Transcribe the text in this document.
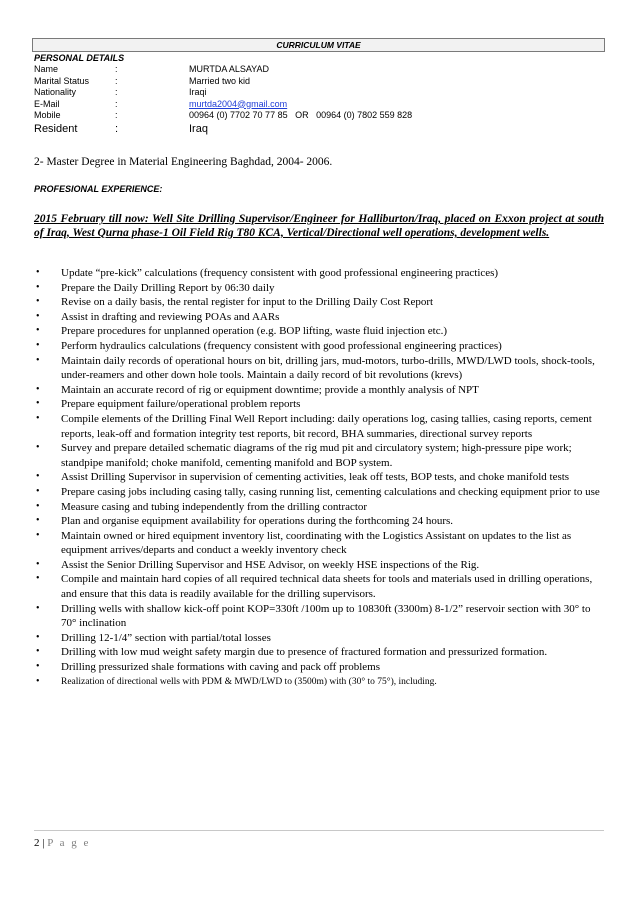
CURRICULUM VITAE
PERSONAL DETAILS
Name	:	MURTDA ALSAYAD
Marital Status	:	Married two kid
Nationality	:	Iraqi
E-Mail	:	murtda2004@gmail.com
Mobile	:	00964 (0) 7702 70 77 85   OR   00964 (0) 7802 559 828
Resident	:	Iraq
2- Master Degree in Material Engineering Baghdad, 2004- 2006.
PROFESIONAL EXPERIENCE:
2015 February till now: Well Site Drilling Supervisor/Engineer for Halliburton/Iraq, placed on Exxon project at south of Iraq, West Qurna phase-1 Oil Field Rig T80 KCA, Vertical/Directional well operations, development wells.
• Update “pre-kick” calculations (frequency consistent with good professional engineering practices)
• Prepare the Daily Drilling Report by 06:30 daily
• Revise on a daily basis, the rental register for input to the Drilling Daily Cost Report
• Assist in drafting and reviewing POAs and AARs
• Prepare procedures for unplanned operation (e.g. BOP lifting, waste fluid injection etc.)
• Perform hydraulics calculations (frequency consistent with good professional engineering practices)
• Maintain daily records of operational hours on bit, drilling jars, mud-motors, turbo-drills, MWD/LWD tools, shock-tools, under-reamers and other down hole tools. Maintain a daily record of bit revolutions (krevs)
• Maintain an accurate record of rig or equipment downtime; provide a monthly analysis of NPT
• Prepare equipment failure/operational problem reports
• Compile elements of the Drilling Final Well Report including: daily operations log, casing tallies, casing reports, cement reports, leak-off and formation integrity test reports, bit record, BHA summaries, directional survey reports
• Survey and prepare detailed schematic diagrams of the rig mud pit and circulatory system; high-pressure pipe work; standpipe manifold; choke manifold, cementing manifold and BOP system.
• Assist Drilling Supervisor in supervision of cementing activities, leak off tests, BOP tests, and choke manifold tests
• Prepare casing jobs including casing tally, casing running list, cementing calculations and checking equipment prior to use
• Measure casing and tubing independently from the drilling contractor
• Plan and organise equipment availability for operations during the forthcoming 24 hours.
• Maintain owned or hired equipment inventory list, coordinating with the Logistics Assistant on updates to the list as equipment arrives/departs and conduct a weekly inventory check
• Assist the Senior Drilling Supervisor and HSE Advisor, on weekly HSE inspections of the Rig.
• Compile and maintain hard copies of all required technical data sheets for tools and materials used in drilling operations, and ensure that this data is readily available for the drilling supervisors.
• Drilling wells with shallow kick-off point KOP=330ft /100m up to 10830ft (3300m) 8-1/2” reservoir section with 30° to 70° inclination
• Drilling 12-1/4” section with partial/total losses
• Drilling with low mud weight safety margin due to presence of fractured formation and pressurized formation.
• Drilling pressurized shale formations with caving and pack off problems
• Realization of directional wells with PDM & MWD/LWD to (3500m) with (30° to 75°), including.
2 | P a g e
